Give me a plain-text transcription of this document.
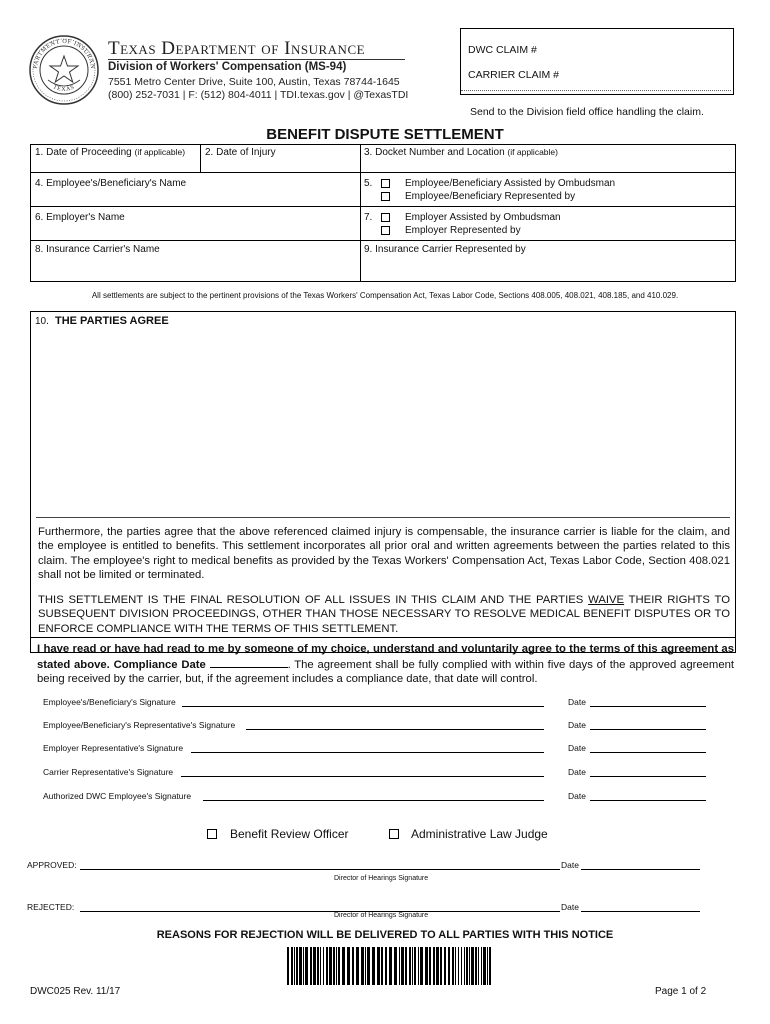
PARTMENT OF INSURAN
TEXAS
Texas Department of Insurance
Division of Workers' Compensation (MS-94)
7551 Metro Center Drive, Suite 100, Austin, Texas 78744-1645
(800) 252-7031 | F: (512) 804-4011 | TDI.texas.gov | @TexasTDI
DWC CLAIM #
CARRIER CLAIM #
Send to the Division field office handling the claim.
BENEFIT DISPUTE SETTLEMENT
1. Date of Proceeding (if applicable) 2. Date of Injury	3. Docket Number and Location (if applicable)
4. Employee's/Beneficiary's Name	5.	Employee/Beneficiary Assisted by Ombudsman
Employee/Beneficiary Represented by
6. Employer's Name	7.	Employer Assisted by Ombudsman
Employer Represented by
8. Insurance Carrier's Name	9. Insurance Carrier Represented by
All settlements are subject to the pertinent provisions of the Texas Workers' Compensation Act, Texas Labor Code, Sections 408.005, 408.021, 408.185, and 410.029.
10. THE PARTIES AGREE
Furthermore, the parties agree that the above referenced claimed injury is compensable, the insurance carrier is liable for the claim, and the employee is entitled to benefits. This settlement incorporates all prior oral and written agreements between the parties related to this claim. The employee's right to medical benefits as provided by the Texas Workers' Compensation Act, Texas Labor Code, Section 408.021 shall not be limited or terminated.
THIS SETTLEMENT IS THE FINAL RESOLUTION OF ALL ISSUES IN THIS CLAIM AND THE PARTIES WAIVE THEIR RIGHTS TO SUBSEQUENT DIVISION PROCEEDINGS, OTHER THAN THOSE NECESSARY TO RESOLVE MEDICAL BENEFIT DISPUTES OR TO ENFORCE COMPLIANCE WITH THE TERMS OF THIS SETTLEMENT.
I have read or have had read to me by someone of my choice, understand and voluntarily agree to the terms of this agreement as stated above. Compliance Date	. The agreement shall be fully complied with within five days of the approved agreement being received by the carrier, but, if the agreement includes a compliance date, that date will control.
Employee's/Beneficiary's Signature	Date
Employee/Beneficiary's Representative's Signature	Date
Employer Representative's Signature	Date
Carrier Representative's Signature	Date
Authorized DWC Employee's Signature	Date
Benefit Review Officer	Administrative Law Judge
APPROVED:	Date
Director of Hearings Signature
REJECTED:	Date
Director of Hearings Signature
REASONS FOR REJECTION WILL BE DELIVERED TO ALL PARTIES WITH THIS NOTICE
DWC025 Rev. 11/17	Page 1 of 2
